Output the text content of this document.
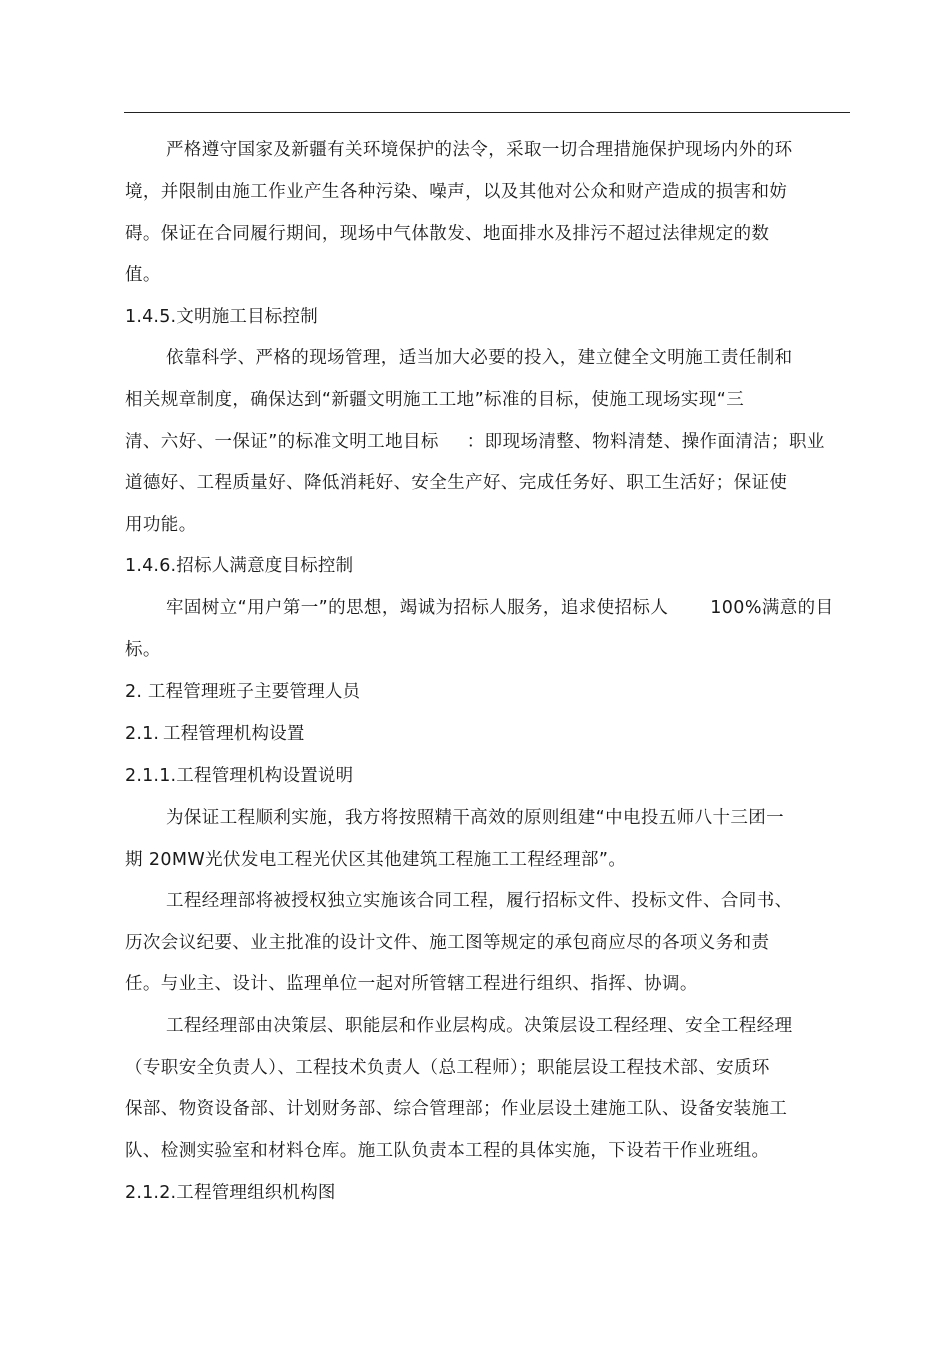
严格遵守国家及新疆有关环境保护的法令，采取一切合理措施保护现场内外的环
境，并限制由施工作业产生各种污染、噪声，以及其他对公众和财产造成的损害和妨
碍。保证在合同履行期间，现场中气体散发、地面排水及排污不超过法律规定的数
值。
1.4.5.文明施工目标控制
依靠科学、严格的现场管理，适当加大必要的投入，建立健全文明施工责任制和
相关规章制度，确保达到“新疆文明施工工地”标准的目标，使施工现场实现“三
清、六好、一保证”的标准文明工地目标 ：即现场清整、物料清楚、操作面清洁；职业
道德好、工程质量好、降低消耗好、安全生产好、完成任务好、职工生活好；保证使
用功能。
1.4.6.招标人满意度目标控制
牢固树立“用户第一”的思想，竭诚为招标人服务，追求使招标人 100%满意的目
标。
2. 工程管理班子主要管理人员
2.1. 工程管理机构设置
2.1.1.工程管理机构设置说明
为保证工程顺利实施，我方将按照精干高效的原则组建“中电投五师八十三团一
期 20MW光伏发电工程光伏区其他建筑工程施工工程经理部”。
工程经理部将被授权独立实施该合同工程，履行招标文件、投标文件、合同书、
历次会议纪要、业主批准的设计文件、施工图等规定的承包商应尽的各项义务和责
任。与业主、设计、监理单位一起对所管辖工程进行组织、指挥、协调。
工程经理部由决策层、职能层和作业层构成。决策层设工程经理、安全工程经理
（专职安全负责人）、工程技术负责人（总工程师）；职能层设工程技术部、安质环
保部、物资设备部、计划财务部、综合管理部；作业层设土建施工队、设备安装施工
队、检测实验室和材料仓库。施工队负责本工程的具体实施，下设若干作业班组。
2.1.2.工程管理组织机构图
